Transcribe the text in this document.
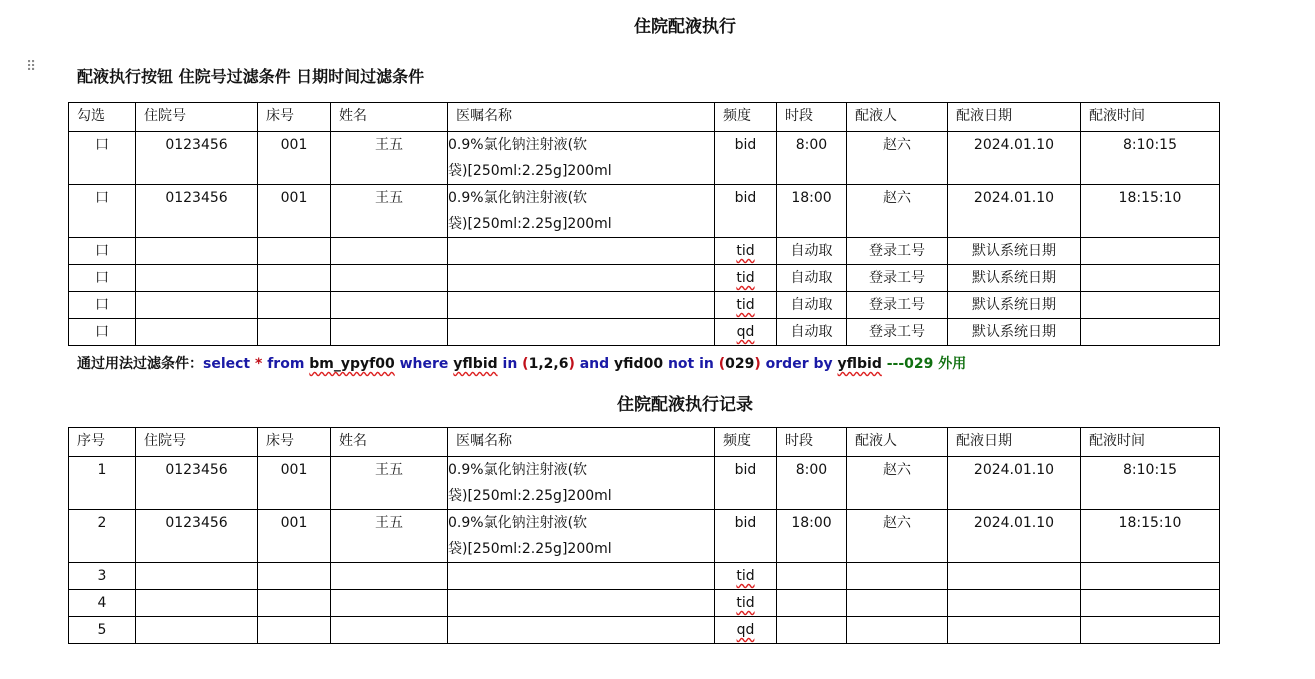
住院配液执行
⠿ 配液执行按钮 住院号过滤条件 日期时间过滤条件
勾选	住院号	床号	姓名	医嘱名称	频度	时段	配液人	配液日期	配液时间
口	0123456	001	王五	0.9%氯化钠注射液(软
袋)[250ml:2.25g]200ml	bid	8:00	赵六	2024.01.10	8:10:15
口	0123456	001	王五	0.9%氯化钠注射液(软
袋)[250ml:2.25g]200ml	bid	18:00	赵六	2024.01.10	18:15:10
口					tid	自动取	登录工号	默认系统日期	
口					tid	自动取	登录工号	默认系统日期	
口					tid	自动取	登录工号	默认系统日期	
口					qd	自动取	登录工号	默认系统日期	
通过用法过滤条件：select * from bm_ypyf00 where yflbid in (1,2,6) and yfid00 not in (029) order by yflbid ---029 外用
住院配液执行记录
序号	住院号	床号	姓名	医嘱名称	频度	时段	配液人	配液日期	配液时间
1	0123456	001	王五	0.9%氯化钠注射液(软
袋)[250ml:2.25g]200ml	bid	8:00	赵六	2024.01.10	8:10:15
2	0123456	001	王五	0.9%氯化钠注射液(软
袋)[250ml:2.25g]200ml	bid	18:00	赵六	2024.01.10	18:15:10
3					tid				
4					tid				
5					qd				
